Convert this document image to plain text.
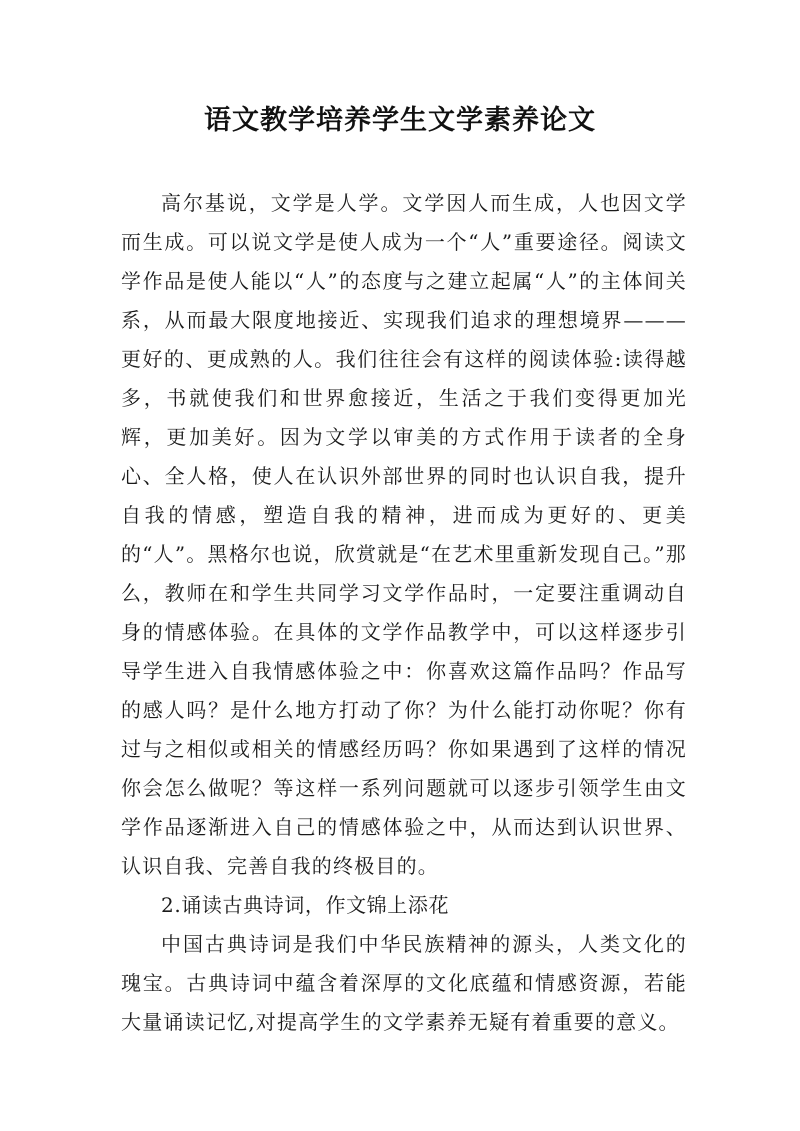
语文教学培养学生文学素养论文

高尔基说，文学是人学。文学因人而生成，人也因文学而生成。可以说文学是使人成为一个“人”重要途径。阅读文学作品是使人能以“人”的态度与之建立起属“人”的主体间关系，从而最大限度地接近、实现我们追求的理想境界———更好的、更成熟的人。我们往往会有这样的阅读体验:读得越多，书就使我们和世界愈接近，生活之于我们变得更加光辉，更加美好。因为文学以审美的方式作用于读者的全身心、全人格，使人在认识外部世界的同时也认识自我，提升自我的情感，塑造自我的精神，进而成为更好的、更美的“人”。黑格尔也说，欣赏就是“在艺术里重新发现自己。”那么，教师在和学生共同学习文学作品时，一定要注重调动自身的情感体验。在具体的文学作品教学中，可以这样逐步引导学生进入自我情感体验之中：你喜欢这篇作品吗？作品写的感人吗？是什么地方打动了你？为什么能打动你呢？你有过与之相似或相关的情感经历吗？你如果遇到了这样的情况你会怎么做呢？等这样一系列问题就可以逐步引领学生由文学作品逐渐进入自己的情感体验之中，从而达到认识世界、认识自我、完善自我的终极目的。

2.诵读古典诗词，作文锦上添花

中国古典诗词是我们中华民族精神的源头，人类文化的瑰宝。古典诗词中蕴含着深厚的文化底蕴和情感资源，若能大量诵读记忆,对提高学生的文学素养无疑有着重要的意义。
